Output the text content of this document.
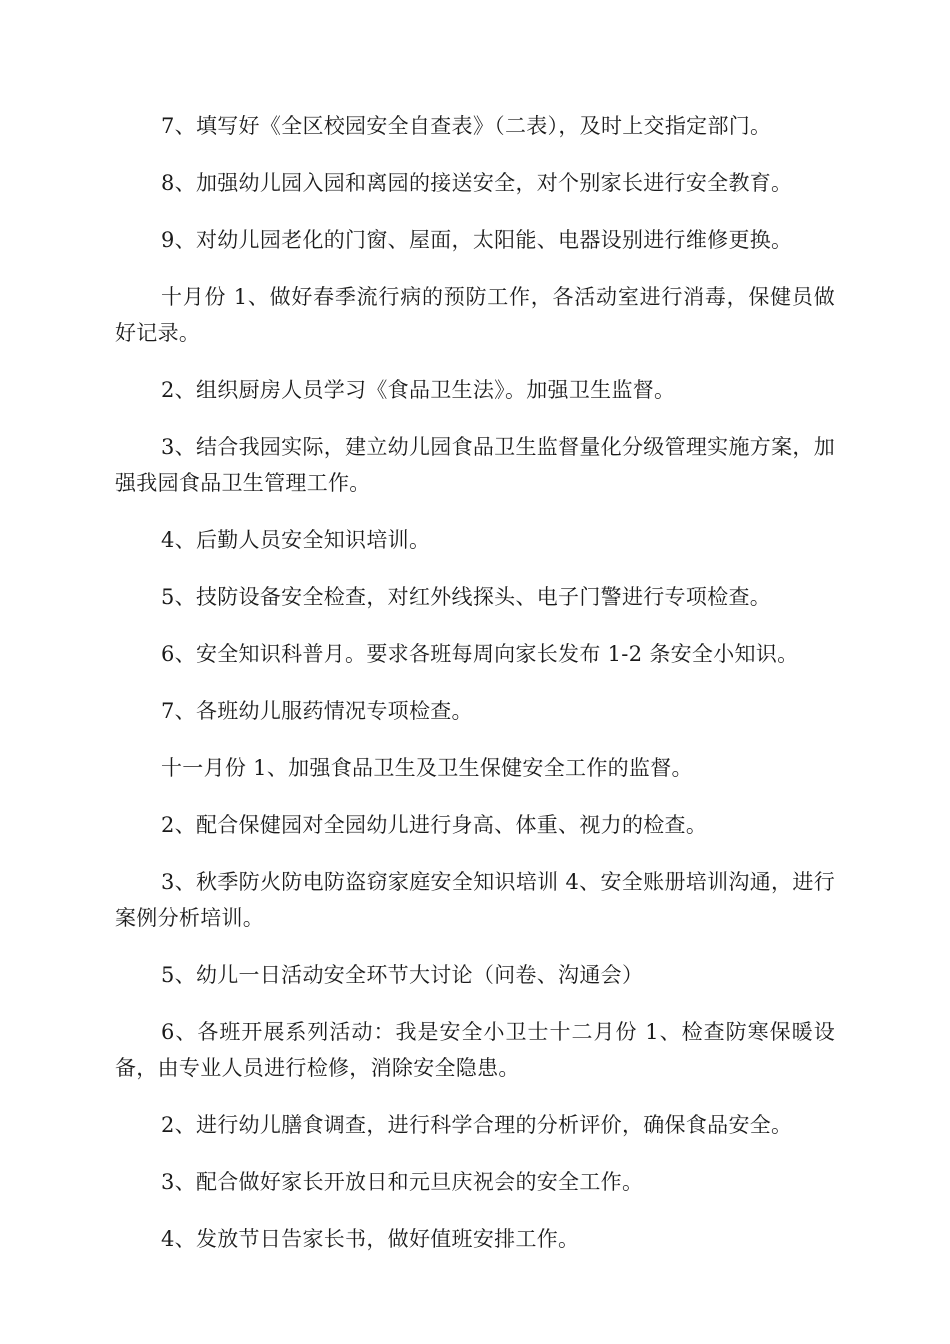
7、填写好《全区校园安全自查表》（二表），及时上交指定部门。

8、加强幼儿园入园和离园的接送安全，对个别家长进行安全教育。

9、对幼儿园老化的门窗、屋面，太阳能、电器设别进行维修更换。

十月份 1、做好春季流行病的预防工作，各活动室进行消毒，保健员做好记录。

2、组织厨房人员学习《食品卫生法》。加强卫生监督。

3、结合我园实际，建立幼儿园食品卫生监督量化分级管理实施方案，加强我园食品卫生管理工作。

4、后勤人员安全知识培训。

5、技防设备安全检查，对红外线探头、电子门警进行专项检查。

6、安全知识科普月。要求各班每周向家长发布 1-2 条安全小知识。

7、各班幼儿服药情况专项检查。

十一月份 1、加强食品卫生及卫生保健安全工作的监督。

2、配合保健园对全园幼儿进行身高、体重、视力的检查。

3、秋季防火防电防盗窃家庭安全知识培训 4、安全账册培训沟通，进行案例分析培训。

5、幼儿一日活动安全环节大讨论（问卷、沟通会）

6、各班开展系列活动：我是安全小卫士十二月份 1、检查防寒保暖设备，由专业人员进行检修，消除安全隐患。

2、进行幼儿膳食调查，进行科学合理的分析评价，确保食品安全。

3、配合做好家长开放日和元旦庆祝会的安全工作。

4、发放节日告家长书，做好值班安排工作。
